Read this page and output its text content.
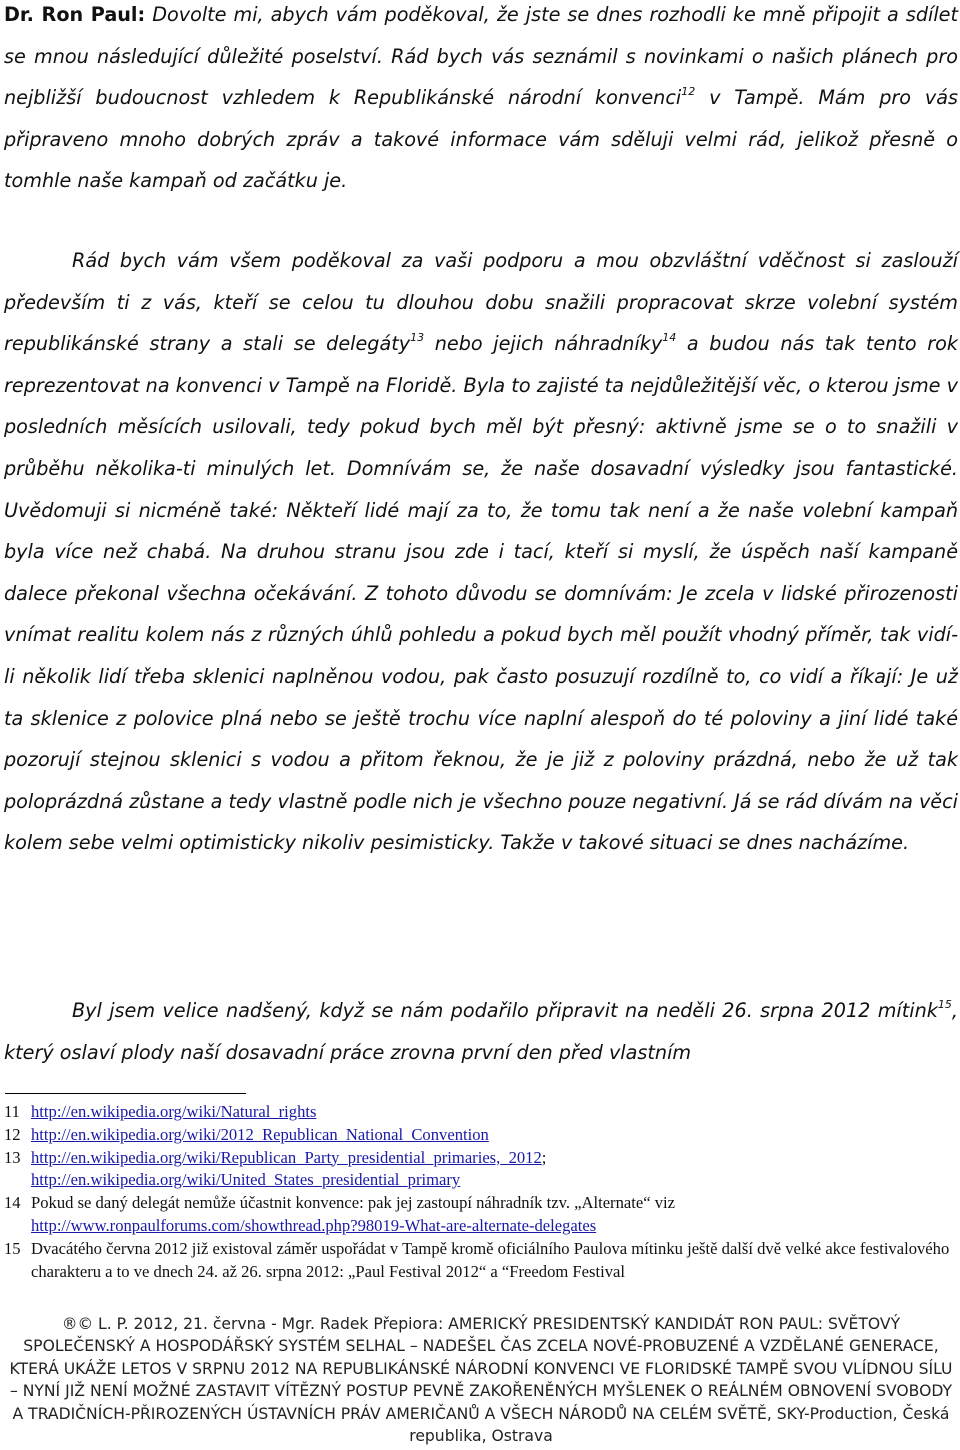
Dr. Ron Paul: Dovolte mi, abych vám poděkoval, že jste se dnes rozhodli ke mně připojit a sdílet se mnou následující důležité poselství. Rád bych vás seznámil s novinkami o našich plánech pro nejbližší budoucnost vzhledem k Republikánské národní konvenci$^{12}$ v Tampě. Mám pro vás připraveno mnoho dobrých zpráv a takové informace vám sděluji velmi rád, jelikož přesně o tomhle naše kampaň od začátku je.

Rád bych vám všem poděkoval za vaši podporu a mou obzvláštní vděčnost si zaslouží především ti z vás, kteří se celou tu dlouhou dobu snažili propracovat skrze volební systém republikánské strany a stali se delegáty$^{13}$ nebo jejich náhradníky$^{14}$ a budou nás tak tento rok reprezentovat na konvenci v Tampě na Floridě. Byla to zajisté ta nejdůležitější věc, o kterou jsme v posledních měsících usilovali, tedy pokud bych měl být přesný: aktivně jsme se o to snažili v průběhu několika-ti minulých let. Domnívám se, že naše dosavadní výsledky jsou fantastické. Uvědomuji si nicméně také: Někteří lidé mají za to, že tomu tak není a že naše volební kampaň byla více než chabá. Na druhou stranu jsou zde i tací, kteří si myslí, že úspěch naší kampaně dalece překonal všechna očekávání. Z tohoto důvodu se domnívám: Je zcela v lidské přirozenosti vnímat realitu kolem nás z různých úhlů pohledu a pokud bych měl použít vhodný příměr, tak vidí-li několik lidí třeba sklenici naplněnou vodou, pak často posuzují rozdílně to, co vidí a říkají: Je už ta sklenice z polovice plná nebo se ještě trochu více naplní alespoň do té poloviny a jiní lidé také pozorují stejnou sklenici s vodou a přitom řeknou, že je již z poloviny prázdná, nebo že už tak poloprázdná zůstane a tedy vlastně podle nich je všechno pouze negativní. Já se rád dívám na věci kolem sebe velmi optimisticky nikoliv pesimisticky. Takže v takové situaci se dnes nacházíme.

Byl jsem velice nadšený, když se nám podařilo připravit na neděli 26. srpna 2012 mítink$^{15}$, který oslaví plody naší dosavadní práce zrovna první den před vlastním

11 http://en.wikipedia.org/wiki/Natural_rights
12 http://en.wikipedia.org/wiki/2012_Republican_National_Convention
13 http://en.wikipedia.org/wiki/Republican_Party_presidential_primaries,_2012;
http://en.wikipedia.org/wiki/United_States_presidential_primary
14 Pokud se daný delegát nemůže účastnit konvence: pak jej zastoupí náhradník tzv. „Alternate“ viz
http://www.ronpaulforums.com/showthread.php?98019-What-are-alternate-delegates
15 Dvacátého června 2012 již existoval záměr uspořádat v Tampě kromě oficiálního Paulova mítinku ještě další dvě velké akce festivalového charakteru a to ve dnech 24. až 26. srpna 2012: „Paul Festival 2012“ a “Freedom Festival
®© L. P. 2012, 21. června - Mgr. Radek Přepiora: AMERICKÝ PRESIDENTSKÝ KANDIDÁT RON PAUL: SVĚTOVÝ SPOLEČENSKÝ A HOSPODÁŘSKÝ SYSTÉM SELHAL – NADEŠEL ČAS ZCELA NOVÉ-PROBUZENÉ A VZDĚLANÉ GENERACE, KTERÁ UKÁŽE LETOS V SRPNU 2012 NA REPUBLIKÁNSKÉ NÁRODNÍ KONVENCI VE FLORIDSKÉ TAMPĚ SVOU VLÍDNOU SÍLU – NYNÍ JIŽ NENÍ MOŽNÉ ZASTAVIT VÍTĚZNÝ POSTUP PEVNĚ ZAKOŘENĚNÝCH MYŠLENEK O REÁLNÉM OBNOVENÍ SVOBODY A TRADIČNÍCH-PŘIROZENÝCH ÚSTAVNÍCH PRÁV AMERIČANŮ A VŠECH NÁRODŮ NA CELÉM SVĚTĚ, SKY-Production, Česká republika, Ostrava
